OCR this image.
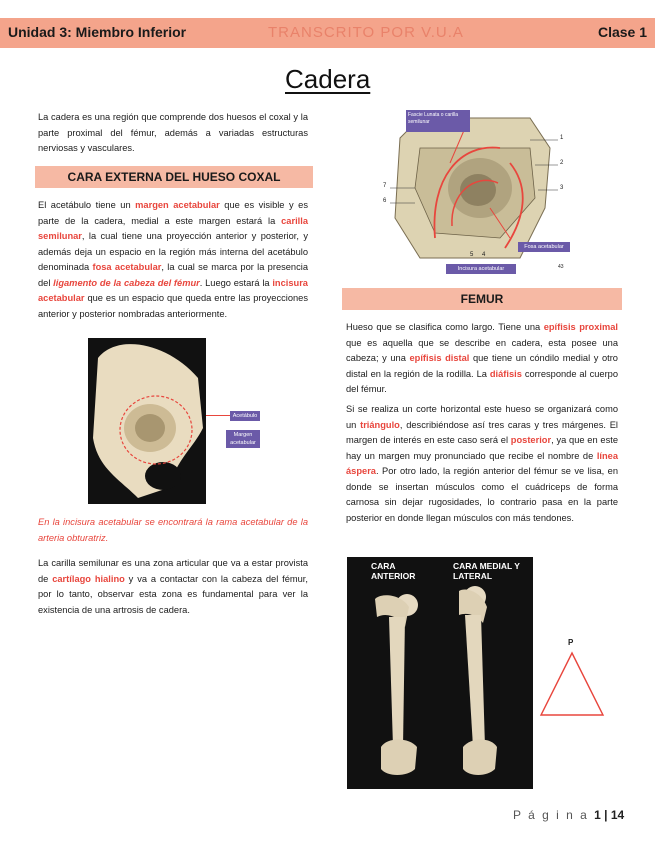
Unidad 3: Miembro Inferior	TRANSCRITO POR V.U.A	Clase 1
Cadera
La cadera es una región que comprende dos huesos el coxal y la parte proximal del fémur, además a variadas estructuras nerviosas y vasculares.
CARA EXTERNA DEL HUESO COXAL
El acetábulo tiene un margen acetabular que es visible y es parte de la cadera, medial a este margen estará la carilla semilunar, la cual tiene una proyección anterior y posterior, y además deja un espacio en la región más interna del acetábulo denominada fosa acetabular, la cual se marca por la presencia del ligamento de la cabeza del fémur. Luego estará la incisura acetabular que es un espacio que queda entre las proyecciones anterior y posterior nombradas anteriormente.
Acetábulo
Margen acetabular
En la incisura acetabular se encontrará la rama acetabular de la arteria obturatriz.
La carilla semilunar es una zona articular que va a estar provista de cartílago hialino y va a contactar con la cabeza del fémur, por lo tanto, observar esta zona es fundamental para ver la existencia de una artrosis de cadera.
Fascie Lunata o carilla semilunar
Fosa acetabular
Incisura acetabular
1
2
3
4
5
6
7
43
FEMUR
Hueso que se clasifica como largo. Tiene una epífisis proximal que es aquella que se describe en cadera, esta posee una cabeza; y una epífisis distal que tiene un cóndilo medial y otro distal en la región de la rodilla. La diáfisis corresponde al cuerpo del fémur.
Si se realiza un corte horizontal este hueso se organizará como un triángulo, describiéndose así tres caras y tres márgenes. El margen de interés en este caso será el posterior, ya que en este hay un margen muy pronunciado que recibe el nombre de línea áspera. Por otro lado, la región anterior del fémur se ve lisa, en donde se insertan músculos como el cuádriceps de forma carnosa sin dejar rugosidades, lo contrario pasa en la parte posterior en donde llegan músculos con más tendones.
CARA ANTERIOR
CARA MEDIAL Y LATERAL
P
P á g i n a 1 | 14
